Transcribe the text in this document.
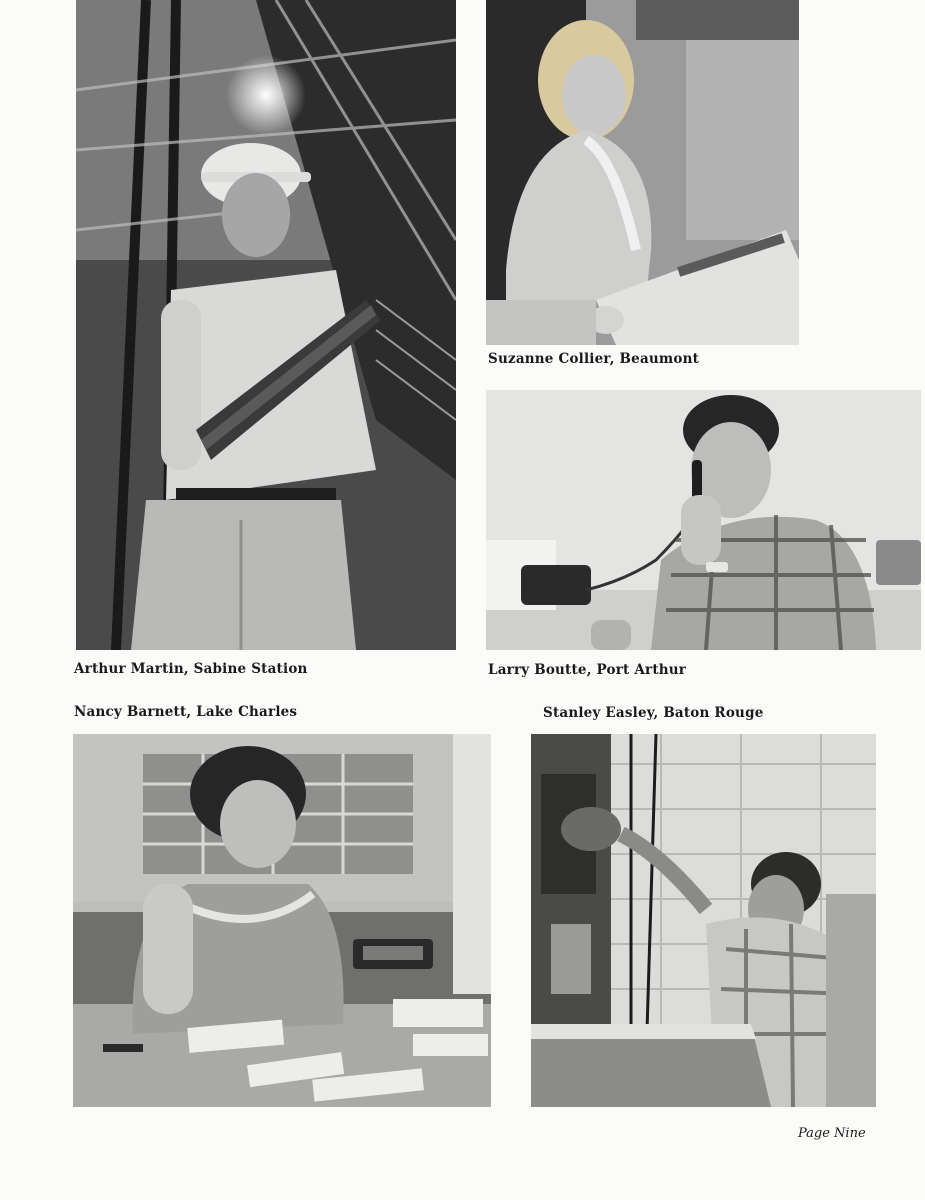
Suzanne Collier, Beaumont
Larry Boutte, Port Arthur
Arthur Martin, Sabine Station
Nancy Barnett, Lake Charles	Stanley Easley, Baton Rouge
Page Nine
